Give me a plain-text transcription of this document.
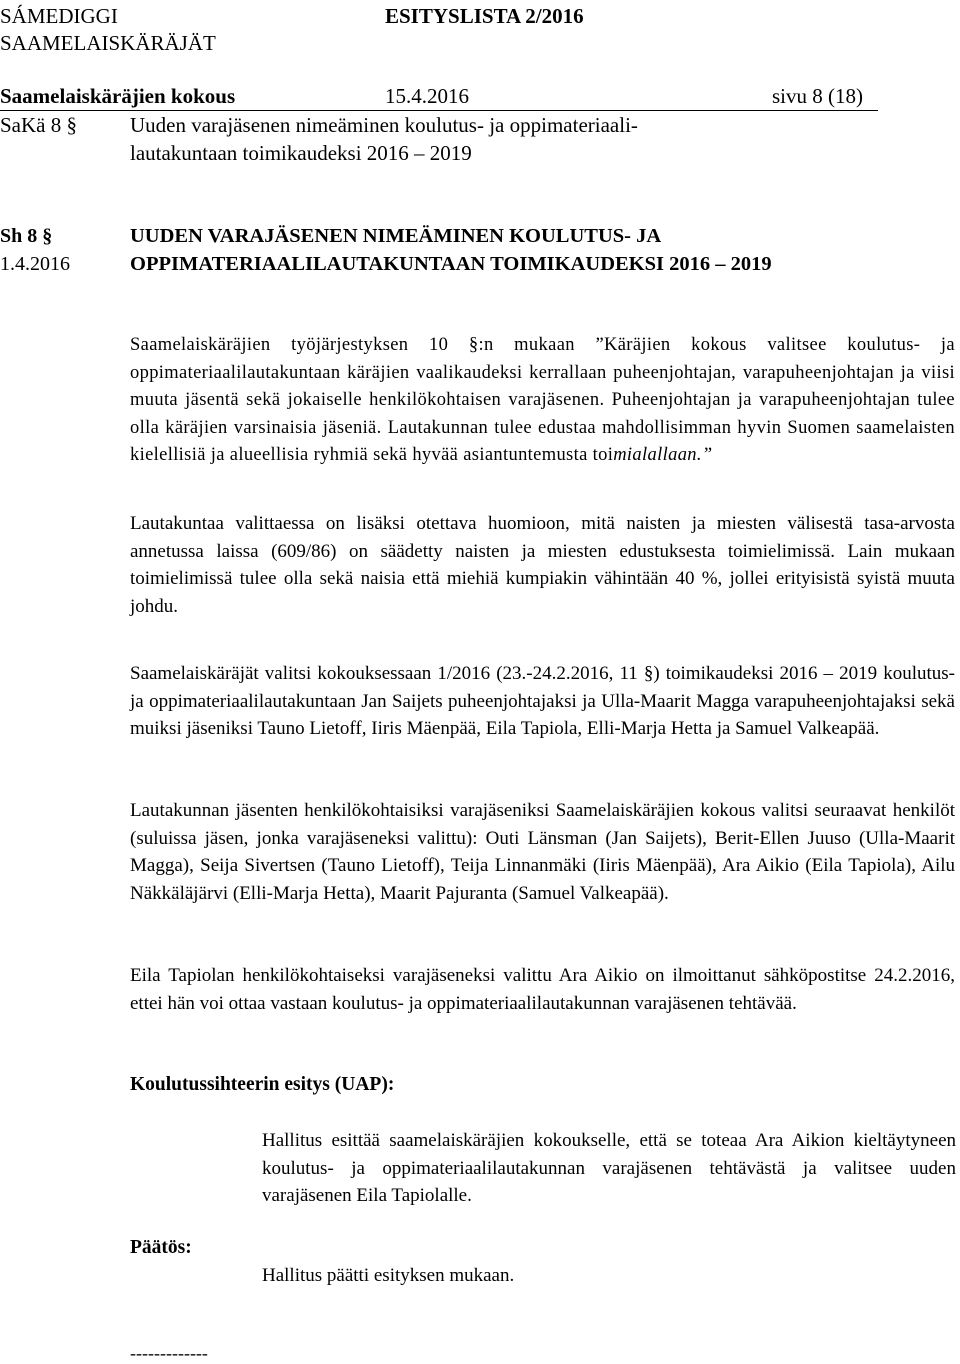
SÁMEDIGGI	ESITYSLISTA 2/2016
SAAMELAISKÄRÄJÄT
Saamelaiskäräjien kokous	15.4.2016	sivu 8 (18)
SaKä 8 §	Uuden varajäsenen nimeäminen koulutus- ja oppimateriaali-
lautakuntaan toimikaudeksi 2016 – 2019
Sh 8 §	UUDEN VARAJÄSENEN NIMEÄMINEN KOULUTUS- JA
1.4.2016	OPPIMATERIAALILAUTAKUNTAAN TOIMIKAUDEKSI 2016 – 2019

Saamelaiskäräjien työjärjestyksen 10 §:n mukaan ”Käräjien kokous valitsee koulutus- ja oppimateriaalilautakuntaan käräjien vaalikaudeksi kerrallaan puheenjohtajan, varapuheenjohtajan ja viisi muuta jäsentä sekä jokaiselle henkilökohtaisen varajäsenen. Puheenjohtajan ja varapuheenjohtajan tulee olla käräjien varsinaisia jäseniä. Lautakunnan tulee edustaa mahdollisimman hyvin Suomen saamelaisten kielellisiä ja alueellisia ryhmiä sekä hyvää asiantuntemusta toimialallaan.”

Lautakuntaa valittaessa on lisäksi otettava huomioon, mitä naisten ja miesten välisestä tasa-arvosta annetussa laissa (609/86) on säädetty naisten ja miesten edustuksesta toimielimissä. Lain mukaan toimielimissä tulee olla sekä naisia että miehiä kumpiakin vähintään 40 %, jollei erityisistä syistä muuta johdu.

Saamelaiskäräjät valitsi kokouksessaan 1/2016 (23.-24.2.2016, 11 §) toimikaudeksi 2016 – 2019 koulutus- ja oppimateriaalilautakuntaan Jan Saijets puheenjohtajaksi ja Ulla-Maarit Magga varapuheenjohtajaksi sekä muiksi jäseniksi Tauno Lietoff, Iiris Mäenpää, Eila Tapiola, Elli-Marja Hetta ja Samuel Valkeapää.

Lautakunnan jäsenten henkilökohtaisiksi varajäseniksi Saamelaiskäräjien kokous valitsi seuraavat henkilöt (suluissa jäsen, jonka varajäseneksi valittu): Outi Länsman (Jan Saijets), Berit-Ellen Juuso (Ulla-Maarit Magga), Seija Sivertsen (Tauno Lietoff), Teija Linnanmäki (Iiris Mäenpää), Ara Aikio (Eila Tapiola), Ailu Näkkäläjärvi (Elli-Marja Hetta), Maarit Pajuranta (Samuel Valkeapää).

Eila Tapiolan henkilökohtaiseksi varajäseneksi valittu Ara Aikio on ilmoittanut sähköpostitse 24.2.2016, ettei hän voi ottaa vastaan koulutus- ja oppimateriaalilautakunnan varajäsenen tehtävää.

Koulutussihteerin esitys (UAP):

Hallitus esittää saamelaiskäräjien kokoukselle, että se toteaa Ara Aikion kieltäytyneen koulutus- ja oppimateriaalilautakunnan varajäsenen tehtävästä ja valitsee uuden varajäsenen Eila Tapiolalle.

Päätös:
Hallitus päätti esityksen mukaan.
-------------
